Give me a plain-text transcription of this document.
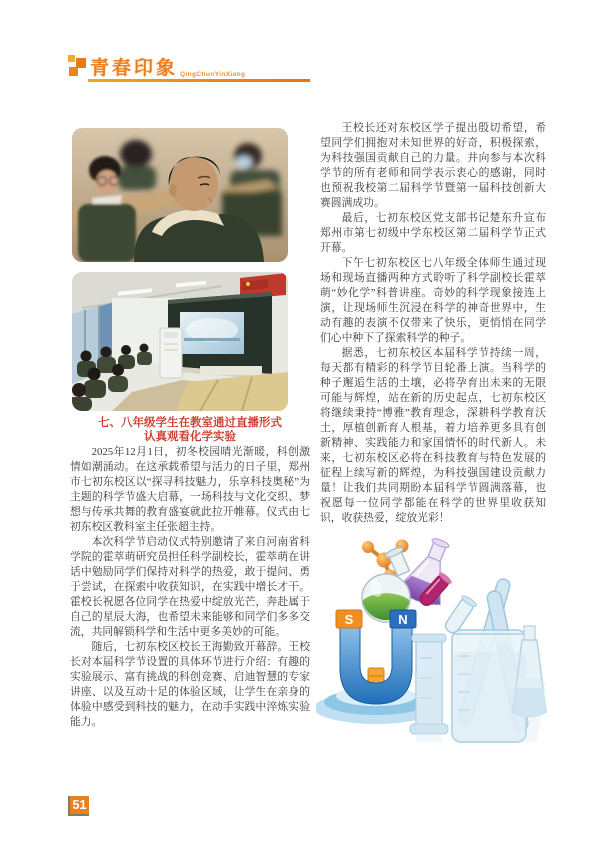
青春印象 QingChunYinXiang
七、八年级学生在教室通过直播形式
认真观看化学实验

2025年12月1日，初冬校园晴光渐暖，科创激情如潮涌动。在这承载希望与活力的日子里，郑州市七初东校区以“探寻科技魅力，乐享科技奥秘”为主题的科学节盛大启幕，一场科技与文化交织、梦想与传承共舞的教育盛宴就此拉开帷幕。仪式由七初东校区教科室主任张超主持。

本次科学节启动仪式特别邀请了来自河南省科学院的霍萃萌研究员担任科学副校长，霍萃萌在讲话中勉励同学们保持对科学的热爱，敢于提问、勇于尝试，在探索中收获知识，在实践中增长才干。霍校长祝愿各位同学在热爱中绽放光芒，奔赴属于自己的星辰大海，也希望未来能够和同学们多多交流，共同解锁科学和生活中更多美妙的可能。

随后，七初东校区校长王海勤致开幕辞。王校长对本届科学节设置的具体环节进行介绍：有趣的实验展示、富有挑战的科创竞赛、启迪智慧的专家讲座、以及互动十足的体验区域，让学生在亲身的体验中感受到科技的魅力，在动手实践中淬炼实验能力。

王校长还对东校区学子提出殷切希望，希望同学们拥抱对未知世界的好奇，积极探索，为科技强国贡献自己的力量。并向参与本次科学节的所有老师和同学表示衷心的感谢，同时也预祝我校第二届科学节暨第一届科技创新大赛圆满成功。

最后，七初东校区党支部书记楚东升宣布郑州市第七初级中学东校区第二届科学节正式开幕。

下午七初东校区七八年级全体师生通过现场和现场直播两种方式聆听了科学副校长霍萃萌“妙化学”科普讲座。奇妙的科学现象接连上演，让现场师生沉浸在科学的神奇世界中，生动有趣的表演不仅带来了快乐，更悄悄在同学们心中种下了探索科学的种子。

据悉，七初东校区本届科学节持续一周，每天都有精彩的科学节目轮番上演。当科学的种子邂逅生活的土壤，必将孕育出未来的无限可能与辉煌，站在新的历史起点，七初东校区将继续秉持“博雅”教育理念，深耕科学教育沃土，厚植创新育人根基，着力培养更多具有创新精神、实践能力和家国情怀的时代新人。未来，七初东校区必将在科技教育与特色发展的征程上续写新的辉煌，为科技强国建设贡献力量！让我们共同期盼本届科学节圆满落幕，也祝愿每一位同学都能在科学的世界里收获知识，收获热爱，绽放光彩！

S	N
51
